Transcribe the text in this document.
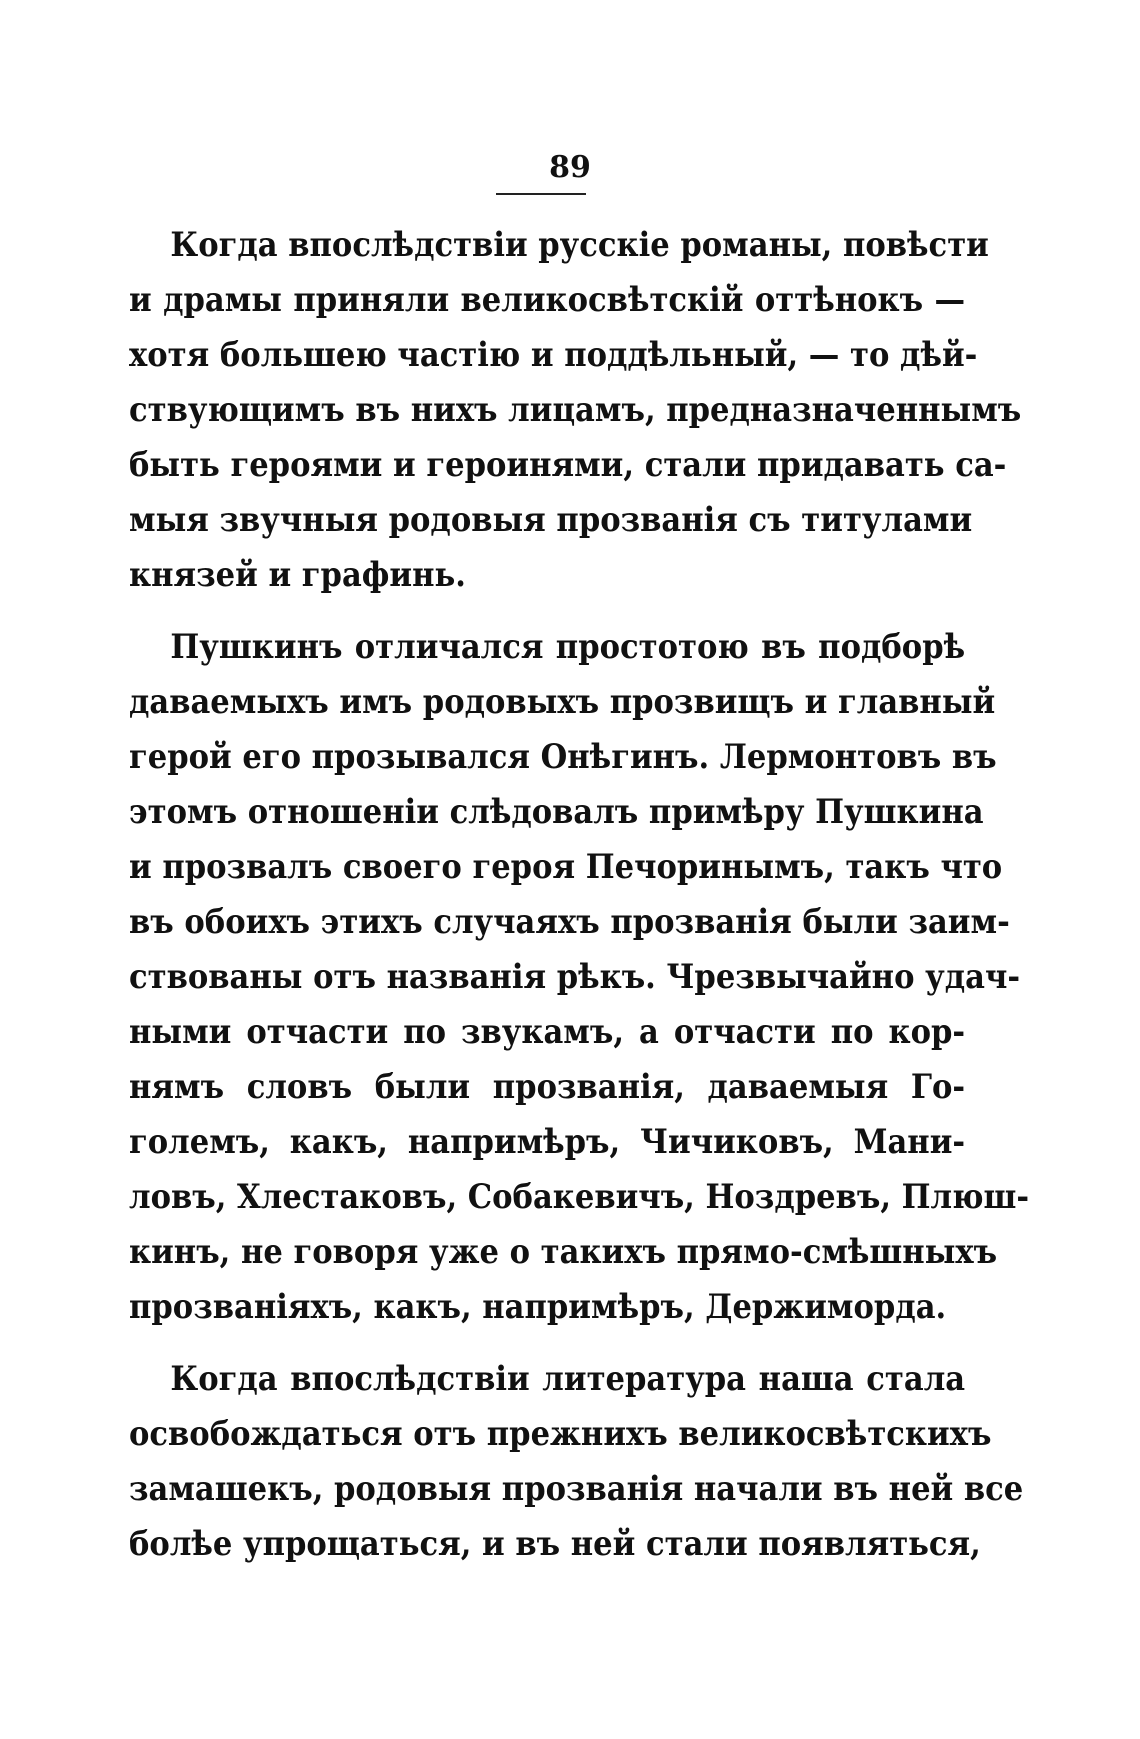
89

Когда впослѣдствіи русскіе романы, повѣсти
и драмы приняли великосвѣтскій оттѣнокъ —
хотя большею частію и поддѣльный, — то дѣй-
ствующимъ въ нихъ лицамъ, предназначеннымъ
быть героями и героинями, стали придавать са-
мыя звучныя родовыя прозванія съ титулами
князей и графинь.

Пушкинъ отличался простотою въ подборѣ
даваемыхъ имъ родовыхъ прозвищъ и главный
герой его прозывался Онѣгинъ. Лермонтовъ въ
этомъ отношеніи слѣдовалъ примѣру Пушкина
и прозвалъ своего героя Печоринымъ, такъ что
въ обоихъ этихъ случаяхъ прозванія были заим-
ствованы отъ названія рѣкъ. Чрезвычайно удач-
ными отчасти по звукамъ, а отчасти по кор-
нямъ словъ были прозванія, даваемыя Го-
големъ, какъ, напримѣръ, Чичиковъ, Мани-
ловъ, Хлестаковъ, Собакевичъ, Ноздревъ, Плюш-
кинъ, не говоря уже о такихъ прямо-смѣшныхъ
прозваніяхъ, какъ, напримѣръ, Держиморда.

Когда впослѣдствіи литература наша стала
освобождаться отъ прежнихъ великосвѣтскихъ
замашекъ, родовыя прозванія начали въ ней все
болѣе упрощаться, и въ ней стали появляться,
